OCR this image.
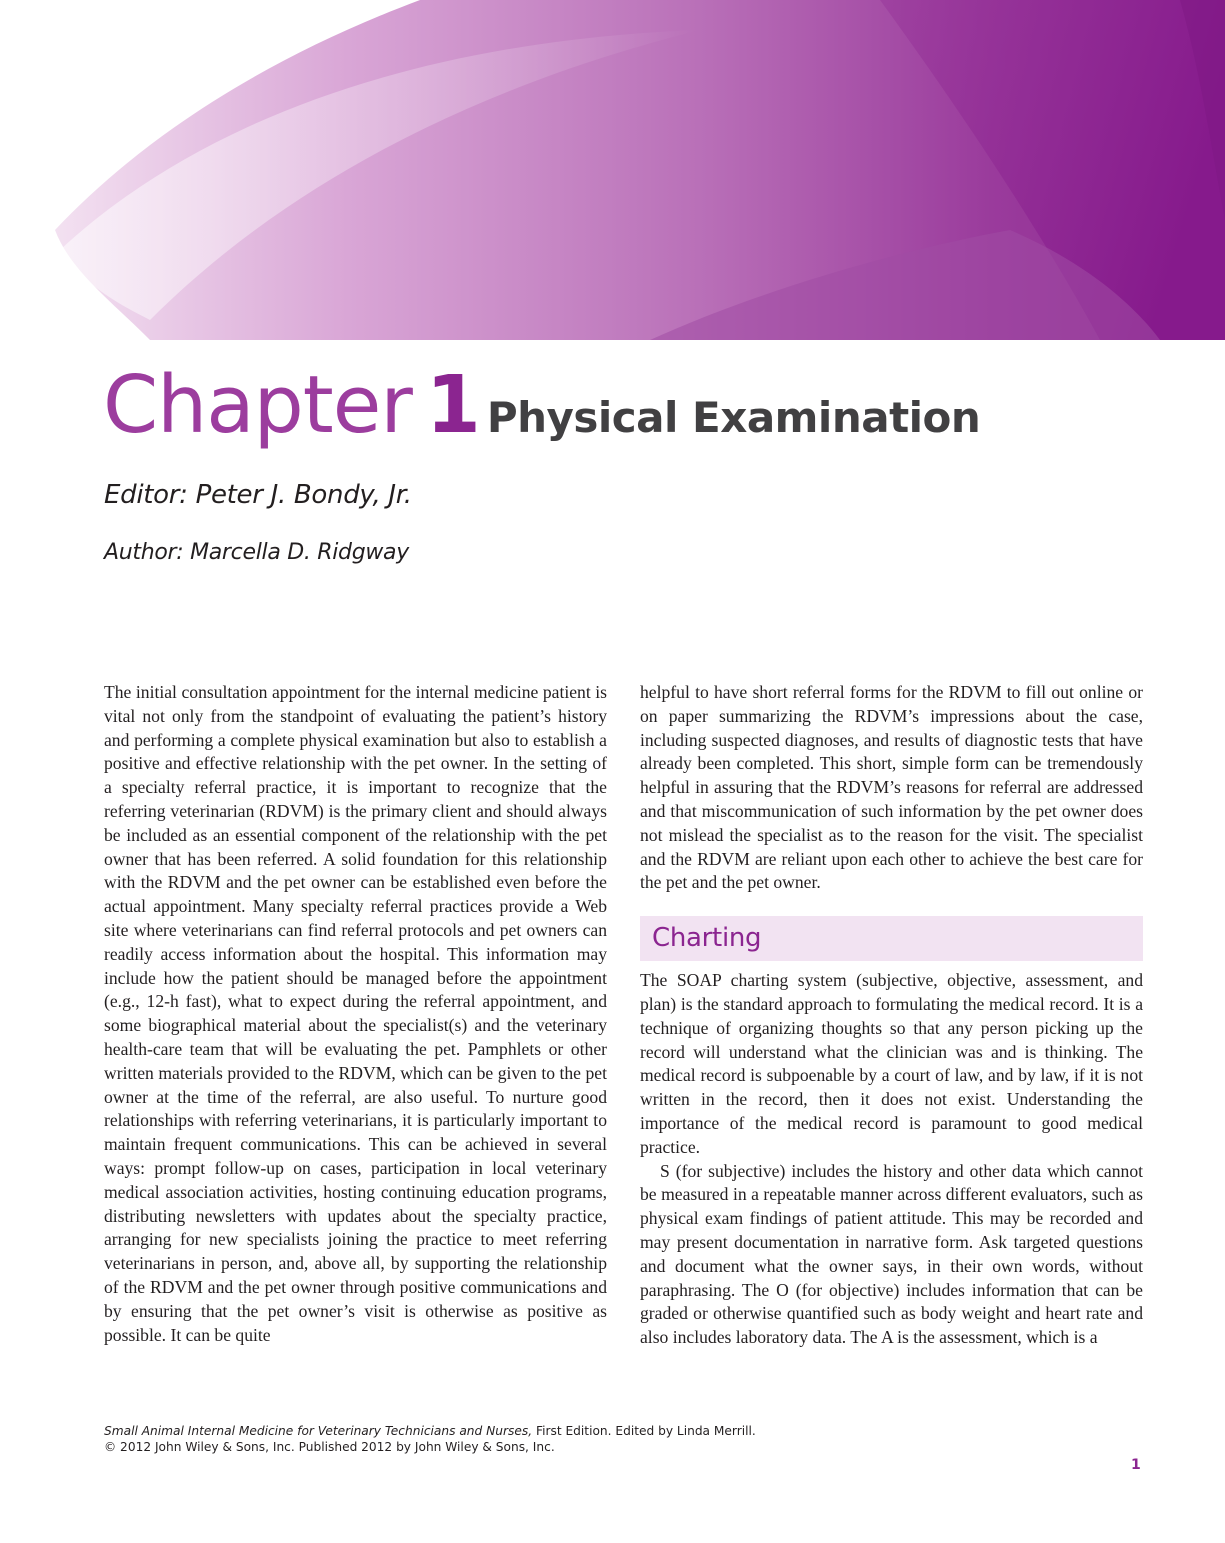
Chapter 1 Physical Examination
Editor: Peter J. Bondy, Jr.
Author: Marcella D. Ridgway

The initial consultation appointment for the internal medicine patient is vital not only from the standpoint of evaluating the patient’s history and performing a complete physical examination but also to establish a positive and effective relationship with the pet owner. In the setting of a specialty referral practice, it is important to recognize that the referring veterinarian (RDVM) is the primary client and should always be included as an essential component of the relationship with the pet owner that has been referred. A solid foundation for this relationship with the RDVM and the pet owner can be established even before the actual appointment. Many specialty referral practices provide a Web site where veterinarians can find referral protocols and pet owners can readily access information about the hospital. This information may include how the patient should be managed before the appointment (e.g., 12-h fast), what to expect during the referral appointment, and some biographical material about the specialist(s) and the veterinary health-care team that will be evaluating the pet. Pamphlets or other written materials provided to the RDVM, which can be given to the pet owner at the time of the referral, are also useful. To nurture good relationships with referring veterinarians, it is particularly important to maintain frequent communications. This can be achieved in several ways: prompt follow-up on cases, participation in local veterinary medical association activities, hosting continuing education programs, distributing newsletters with updates about the specialty practice, arranging for new specialists joining the practice to meet referring veterinarians in person, and, above all, by supporting the relationship of the RDVM and the pet owner through positive communications and by ensuring that the pet owner’s visit is otherwise as positive as possible. It can be quite

helpful to have short referral forms for the RDVM to fill out online or on paper summarizing the RDVM’s impressions about the case, including suspected diagnoses, and results of diagnostic tests that have already been completed. This short, simple form can be tremendously helpful in assuring that the RDVM’s reasons for referral are addressed and that miscommunication of such information by the pet owner does not mislead the specialist as to the reason for the visit. The specialist and the RDVM are reliant upon each other to achieve the best care for the pet and the pet owner.

Charting

The SOAP charting system (subjective, objective, assessment, and plan) is the standard approach to formulating the medical record. It is a technique of organizing thoughts so that any person picking up the record will understand what the clinician was and is thinking. The medical record is subpoenable by a court of law, and by law, if it is not written in the record, then it does not exist. Understanding the importance of the medical record is paramount to good medical practice.

S (for subjective) includes the history and other data which cannot be measured in a repeatable manner across different evaluators, such as physical exam findings of patient attitude. This may be recorded and may present documentation in narrative form. Ask targeted questions and document what the owner says, in their own words, without paraphrasing. The O (for objective) includes information that can be graded or otherwise quantified such as body weight and heart rate and also includes laboratory data. The A is the assessment, which is a

Small Animal Internal Medicine for Veterinary Technicians and Nurses, First Edition. Edited by Linda Merrill.
© 2012 John Wiley & Sons, Inc. Published 2012 by John Wiley & Sons, Inc.
1
